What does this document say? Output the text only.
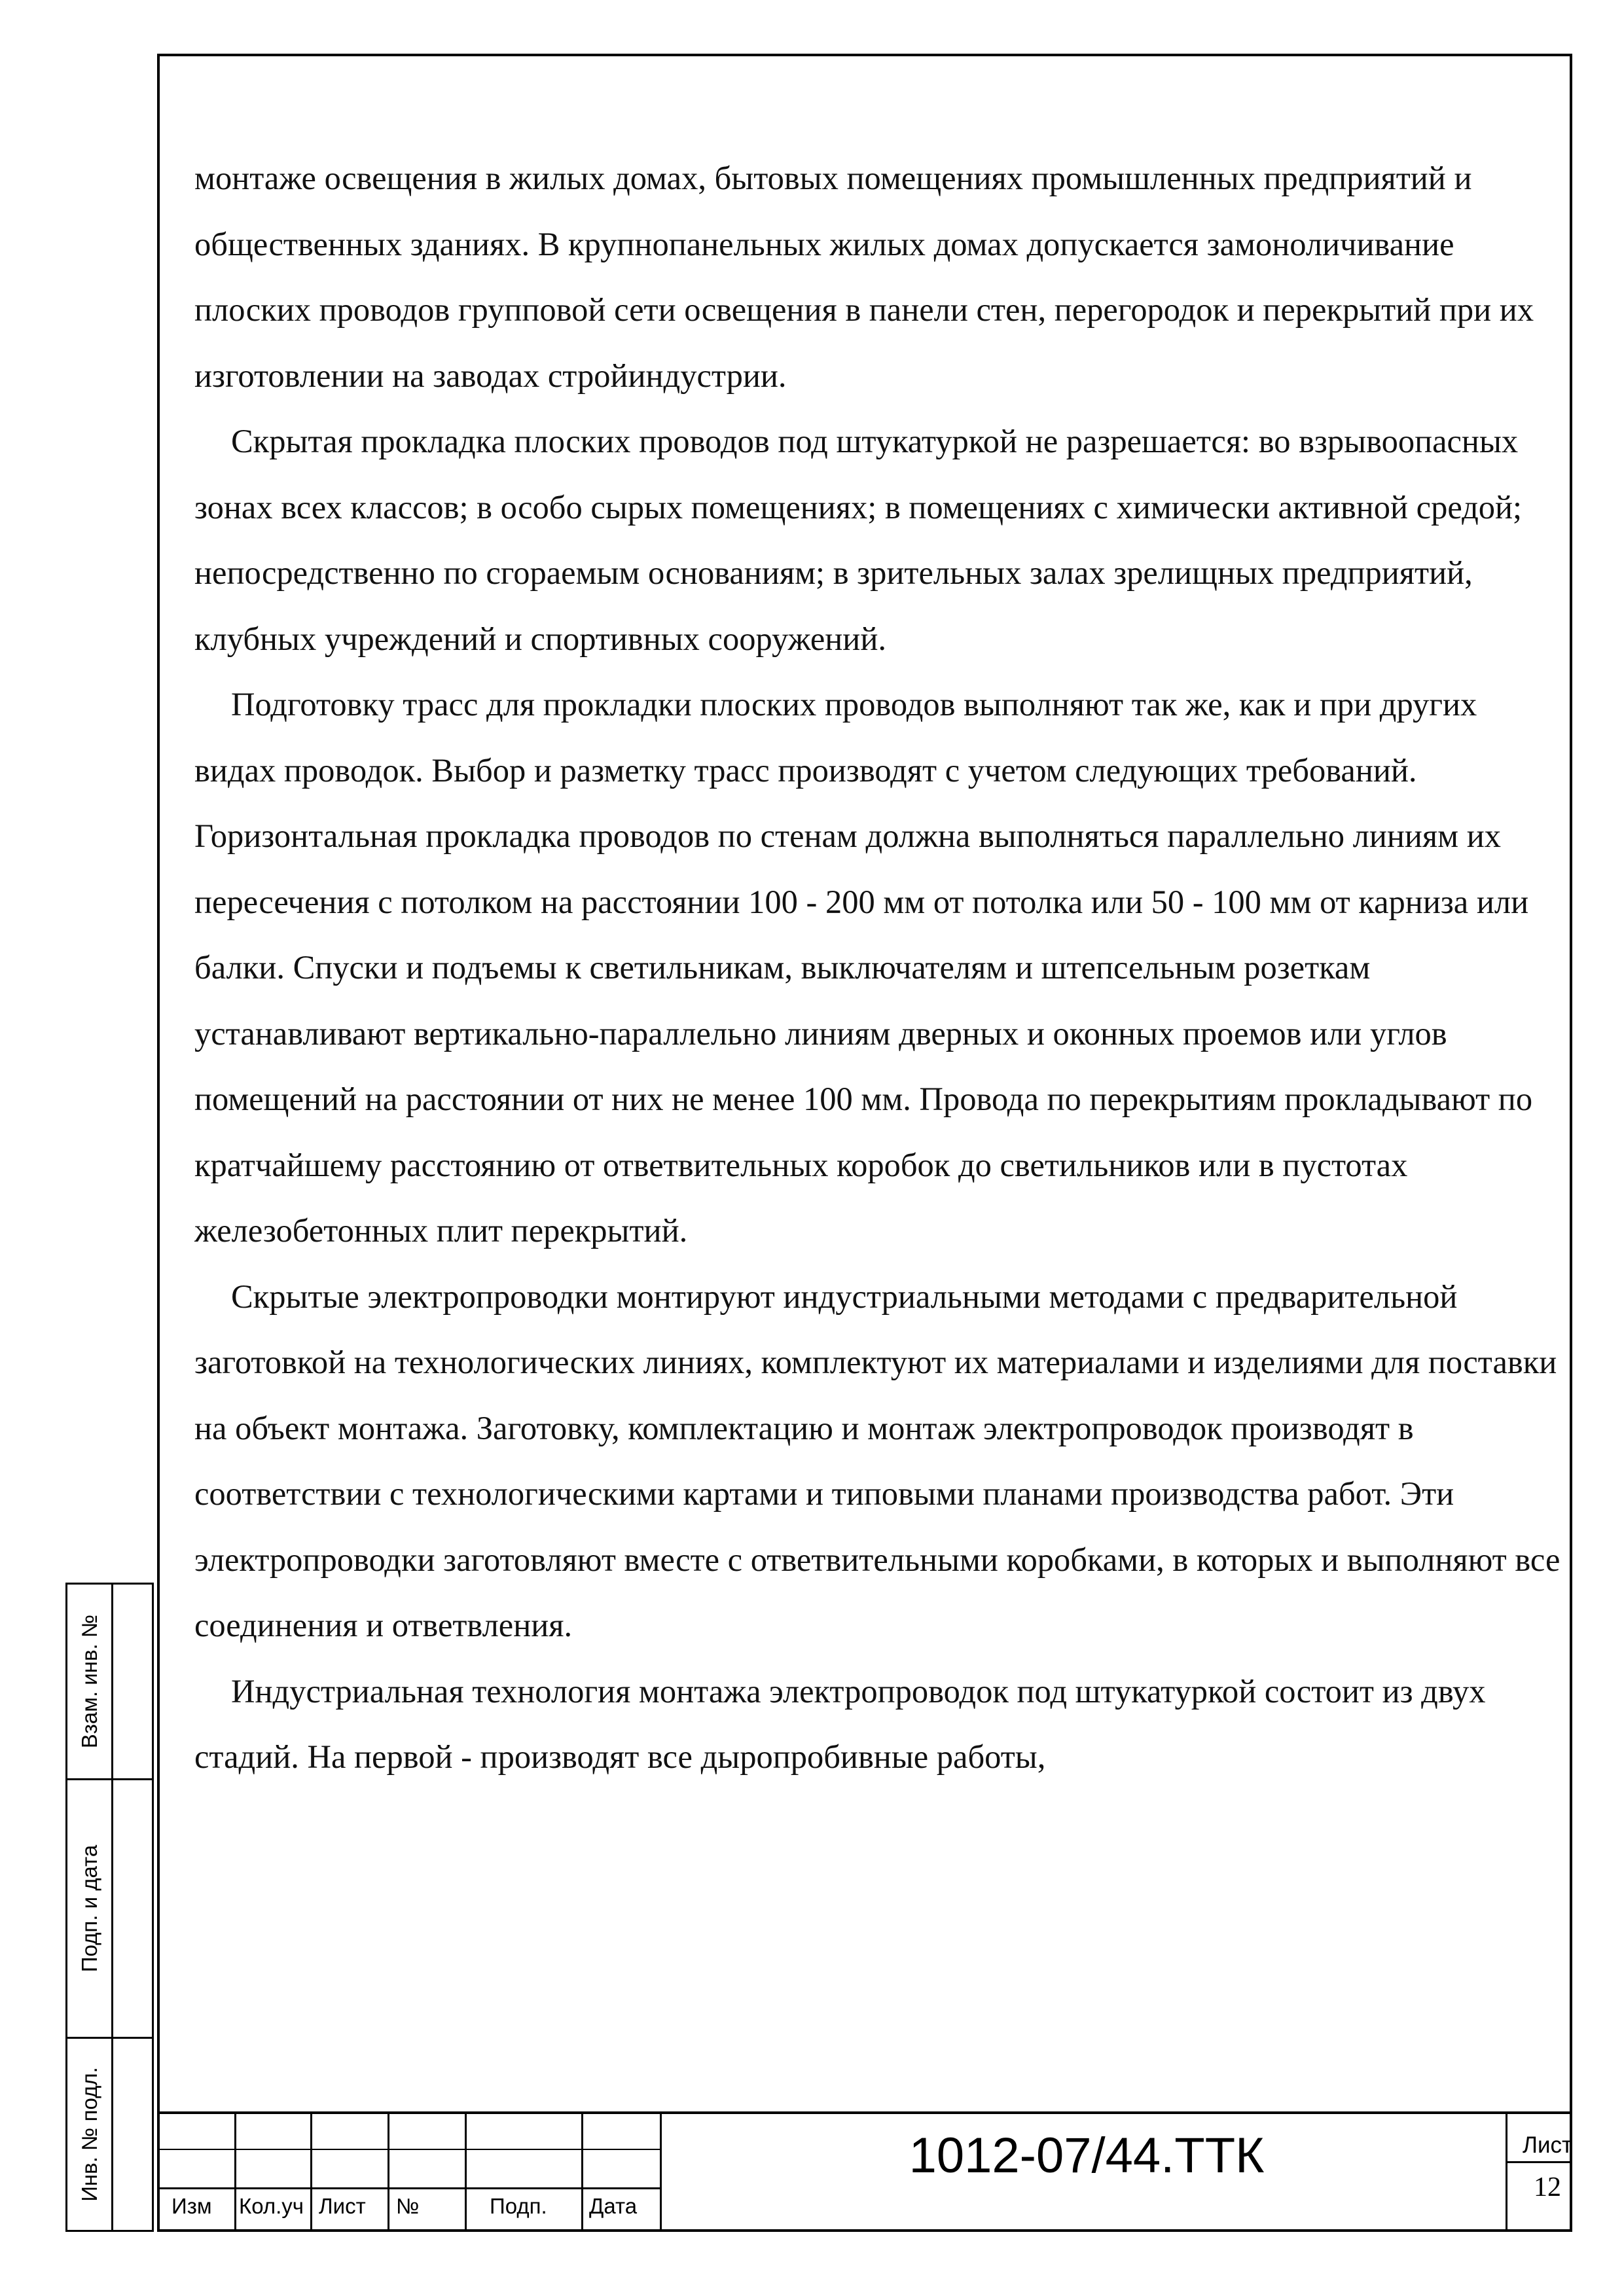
монтаже освещения в жилых домах, бытовых помещениях промышленных предприятий и общественных зданиях. В крупнопанельных жилых домах допускается замоноличивание плоских проводов групповой сети освещения в панели стен, перегородок и перекрытий при их изготовлении на заводах стройиндустрии.

Скрытая прокладка плоских проводов под штукатуркой не разрешается: во взрывоопасных зонах всех классов; в особо сырых помещениях; в помещениях с химически активной средой; непосредственно по сгораемым основаниям; в зрительных залах зрелищных предприятий, клубных учреждений и спортивных сооружений.

Подготовку трасс для прокладки плоских проводов выполняют так же, как и при других видах проводок. Выбор и разметку трасс производят с учетом следующих требований. Горизонтальная прокладка проводов по стенам должна выполняться параллельно линиям их пересечения с потолком на расстоянии 100 - 200 мм от потолка или 50 - 100 мм от карниза или балки. Спуски и подъемы к светильникам, выключателям и штепсельным розеткам устанавливают вертикально-параллельно линиям дверных и оконных проемов или углов помещений на расстоянии от них не менее 100 мм. Провода по перекрытиям прокладывают по кратчайшему расстоянию от ответвительных коробок до светильников или в пустотах железобетонных плит перекрытий.

Скрытые электропроводки монтируют индустриальными методами с предварительной заготовкой на технологических линиях, комплектуют их материалами и изделиями для поставки на объект монтажа. Заготовку, комплектацию и монтаж электропроводок производят в соответствии с технологическими картами и типовыми планами производства работ. Эти электропроводки заготовляют вместе с ответвительными коробками, в которых и выполняют все соединения и ответвления.

Индустриальная технология монтажа электропроводок под штукатуркой состоит из двух стадий. На первой - производят все дыропробивные работы,

Взам. инв. №
Подп. и дата
Инв. № подл.
Изм Кол.уч Лист №	Подп. Дата
1012-07/44.ТТК	Лист
12
